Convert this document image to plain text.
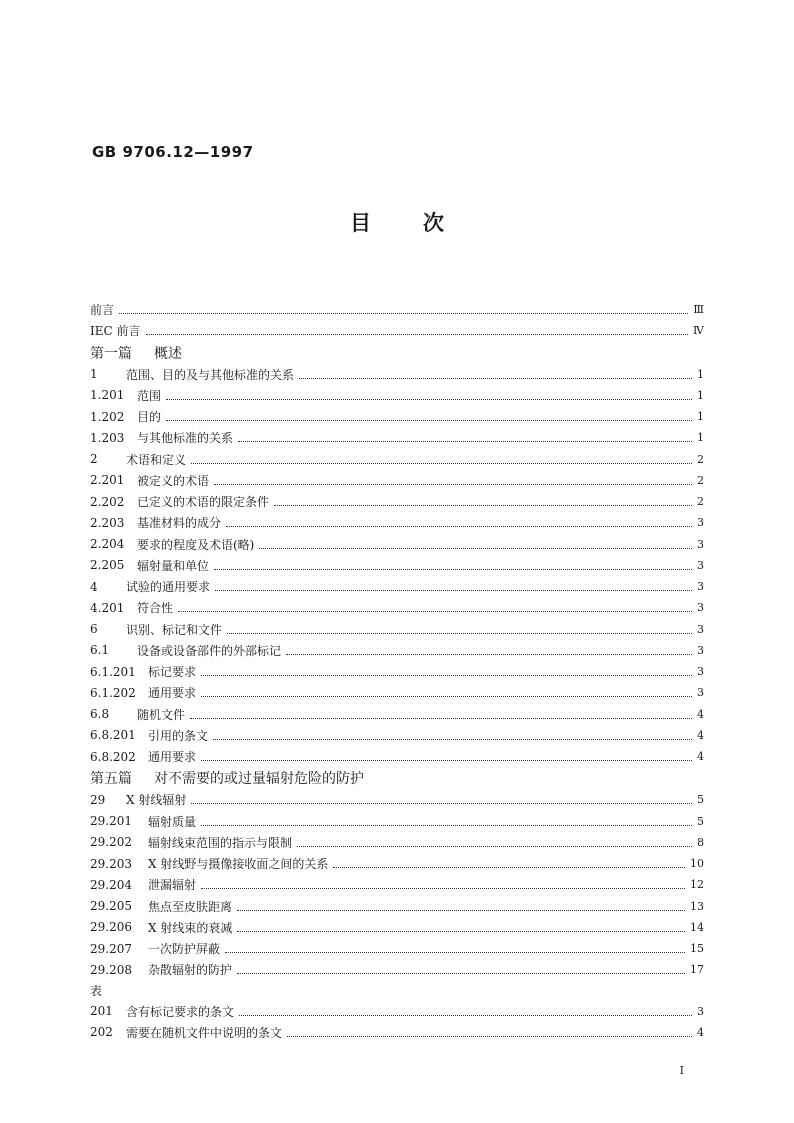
GB 9706.12—1997
目 次
前言	Ⅲ
IEC 前言	Ⅳ
第一篇	概述
1	范围、目的及与其他标准的关系	1
1.201	范围	1
1.202	目的	1
1.203	与其他标准的关系	1
2	术语和定义	2
2.201	被定义的术语	2
2.202	已定义的术语的限定条件	2
2.203	基准材料的成分	3
2.204	要求的程度及术语(略)	3
2.205	辐射量和单位	3
4	试验的通用要求	3
4.201	符合性	3
6	识别、标记和文件	3
6.1	设备或设备部件的外部标记	3
6.1.201	标记要求	3
6.1.202	通用要求	3
6.8	随机文件	4
6.8.201	引用的条文	4
6.8.202	通用要求	4
第五篇	对不需要的或过量辐射危险的防护
29	X 射线辐射	5
29.201	辐射质量	5
29.202	辐射线束范围的指示与限制	8
29.203	X 射线野与摄像接收面之间的关系	10
29.204	泄漏辐射	12
29.205	焦点至皮肤距离	13
29.206	X 射线束的衰减	14
29.207	一次防护屏蔽	15
29.208	杂散辐射的防护	17
表
201	含有标记要求的条文	3
202	需要在随机文件中说明的条文	4
Ⅰ
